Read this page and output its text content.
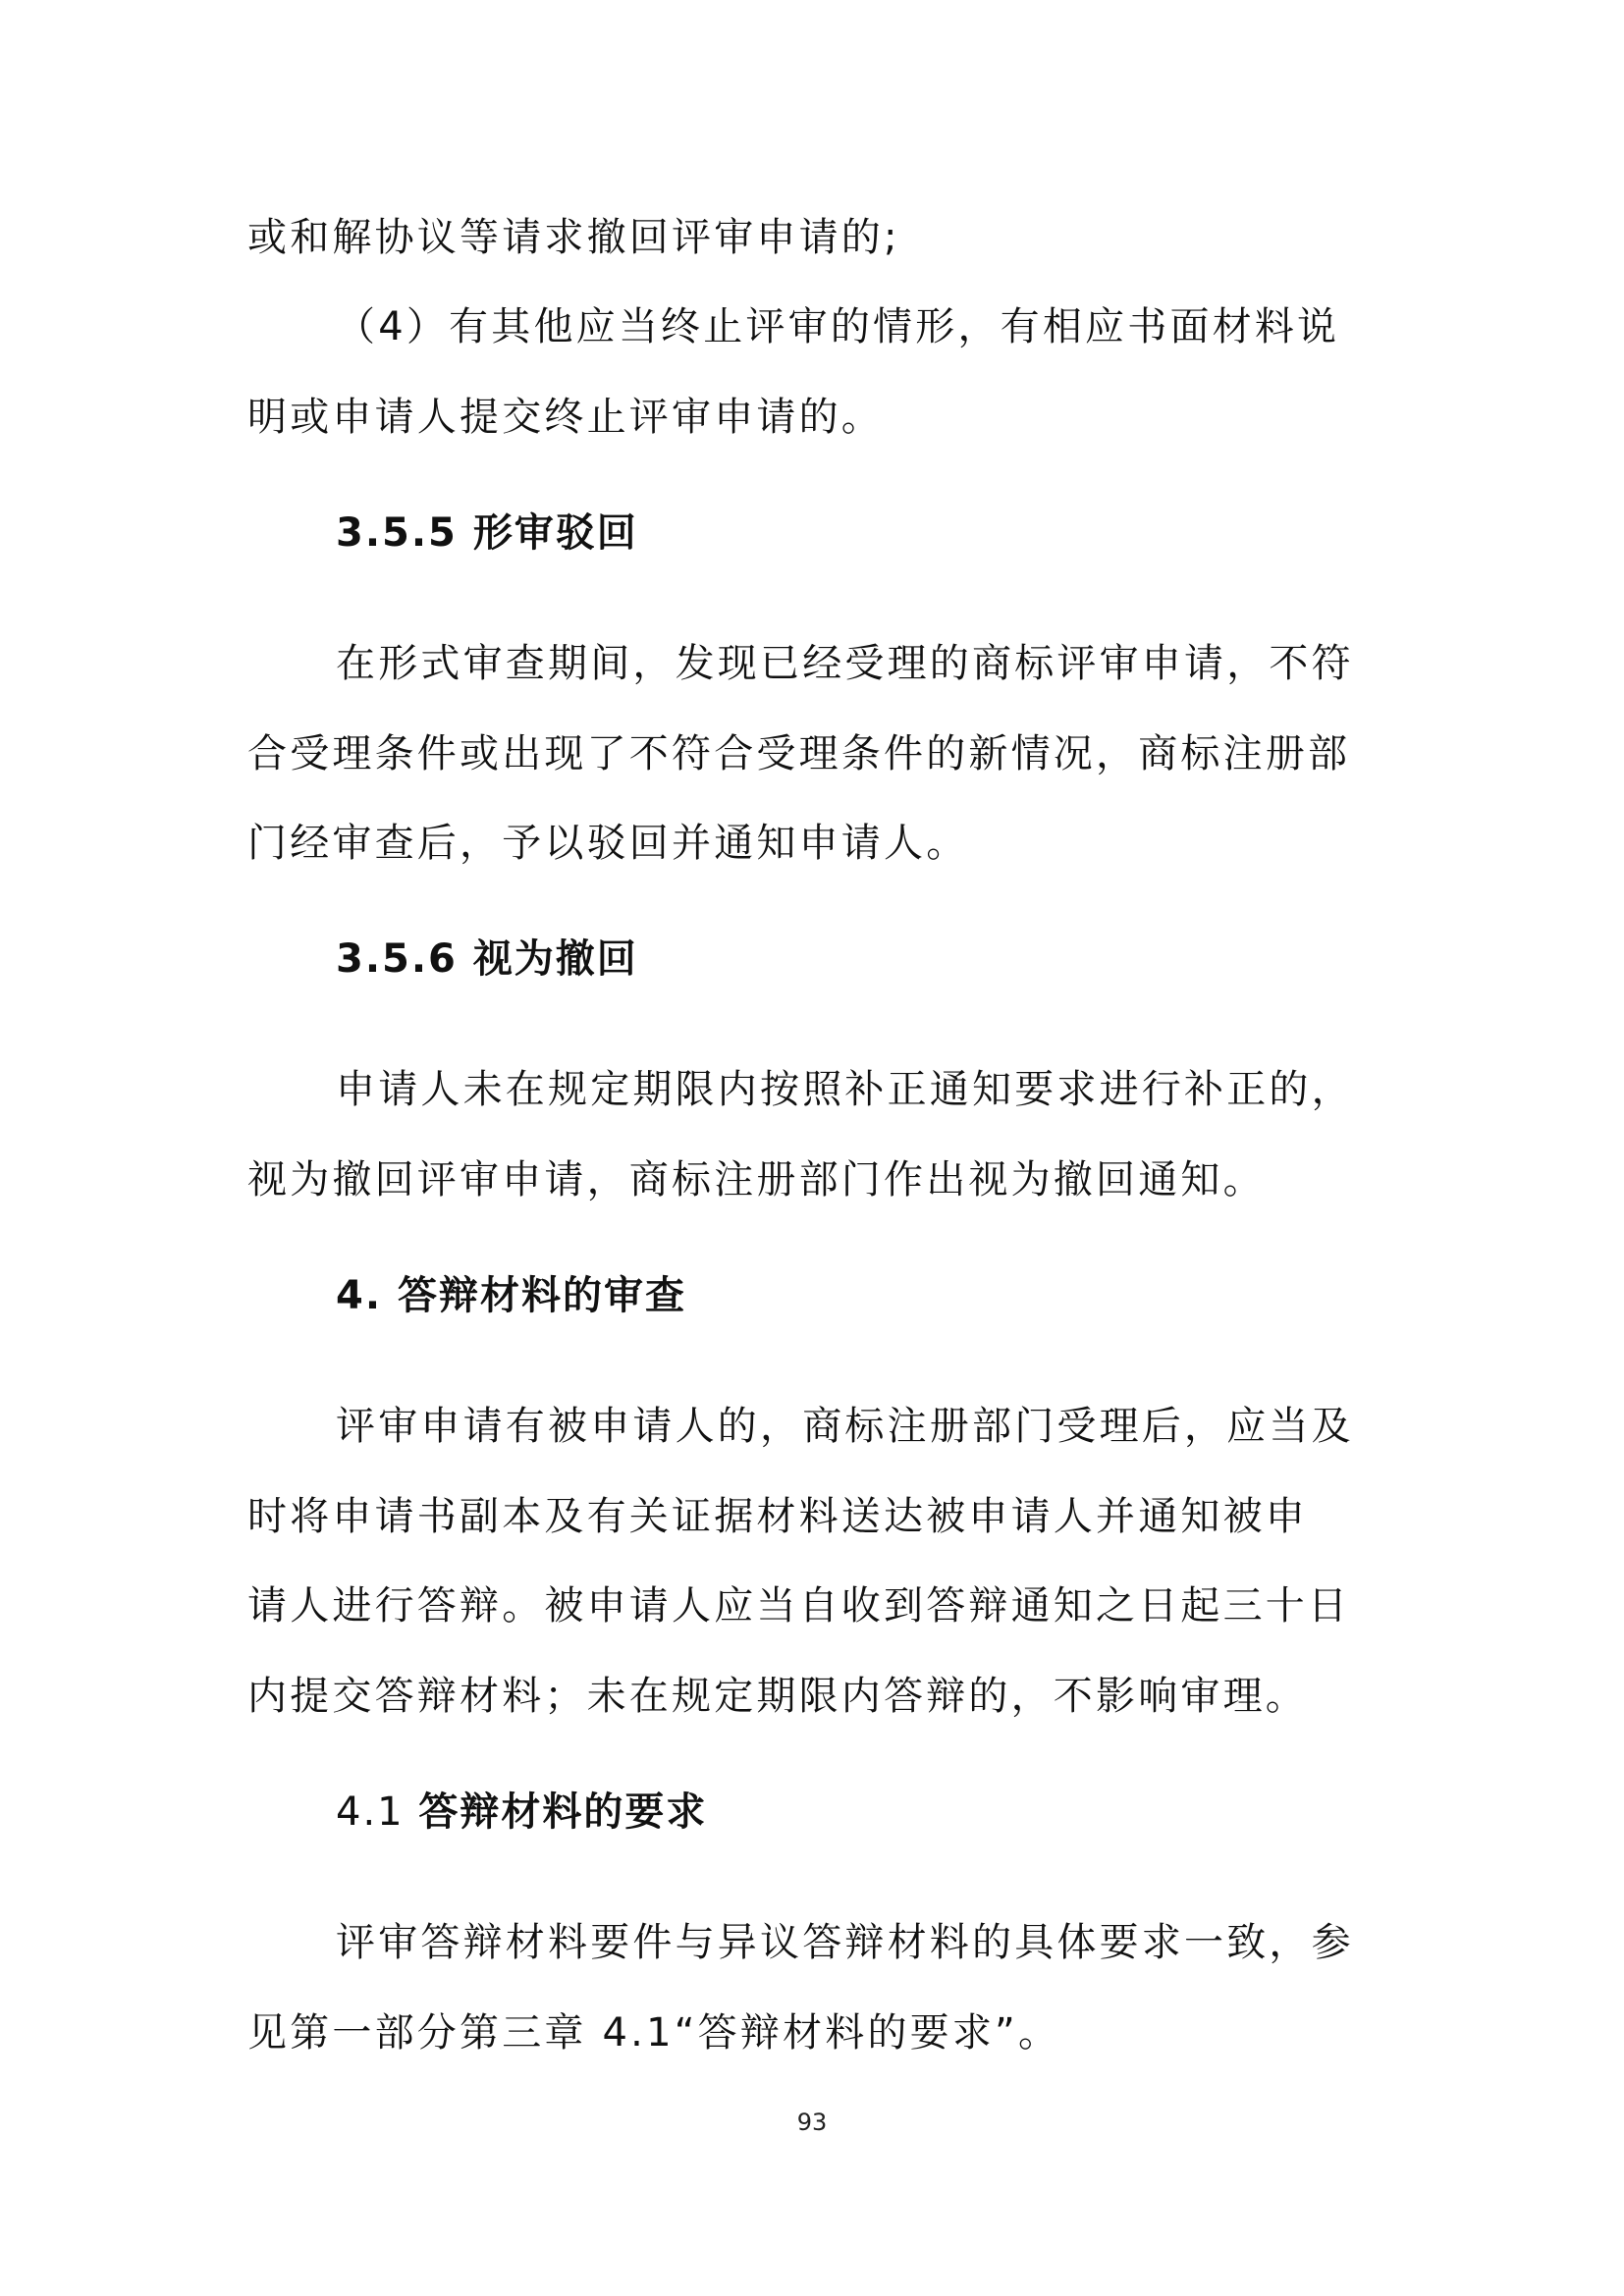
或和解协议等请求撤回评审申请的;
（4）有其他应当终止评审的情形，有相应书面材料说
明或申请人提交终止评审申请的。
3.5.5 形审驳回
在形式审查期间，发现已经受理的商标评审申请，不符
合受理条件或出现了不符合受理条件的新情况，商标注册部
门经审查后，予以驳回并通知申请人。
3.5.6 视为撤回
申请人未在规定期限内按照补正通知要求进行补正的，
视为撤回评审申请，商标注册部门作出视为撤回通知。
4. 答辩材料的审查
评审申请有被申请人的，商标注册部门受理后，应当及
时将申请书副本及有关证据材料送达被申请人并通知被申
请人进行答辩。被申请人应当自收到答辩通知之日起三十日
内提交答辩材料；未在规定期限内答辩的，不影响审理。
4.1 答辩材料的要求
评审答辩材料要件与异议答辩材料的具体要求一致，参
见第一部分第三章 4.1“答辩材料的要求”。
93
